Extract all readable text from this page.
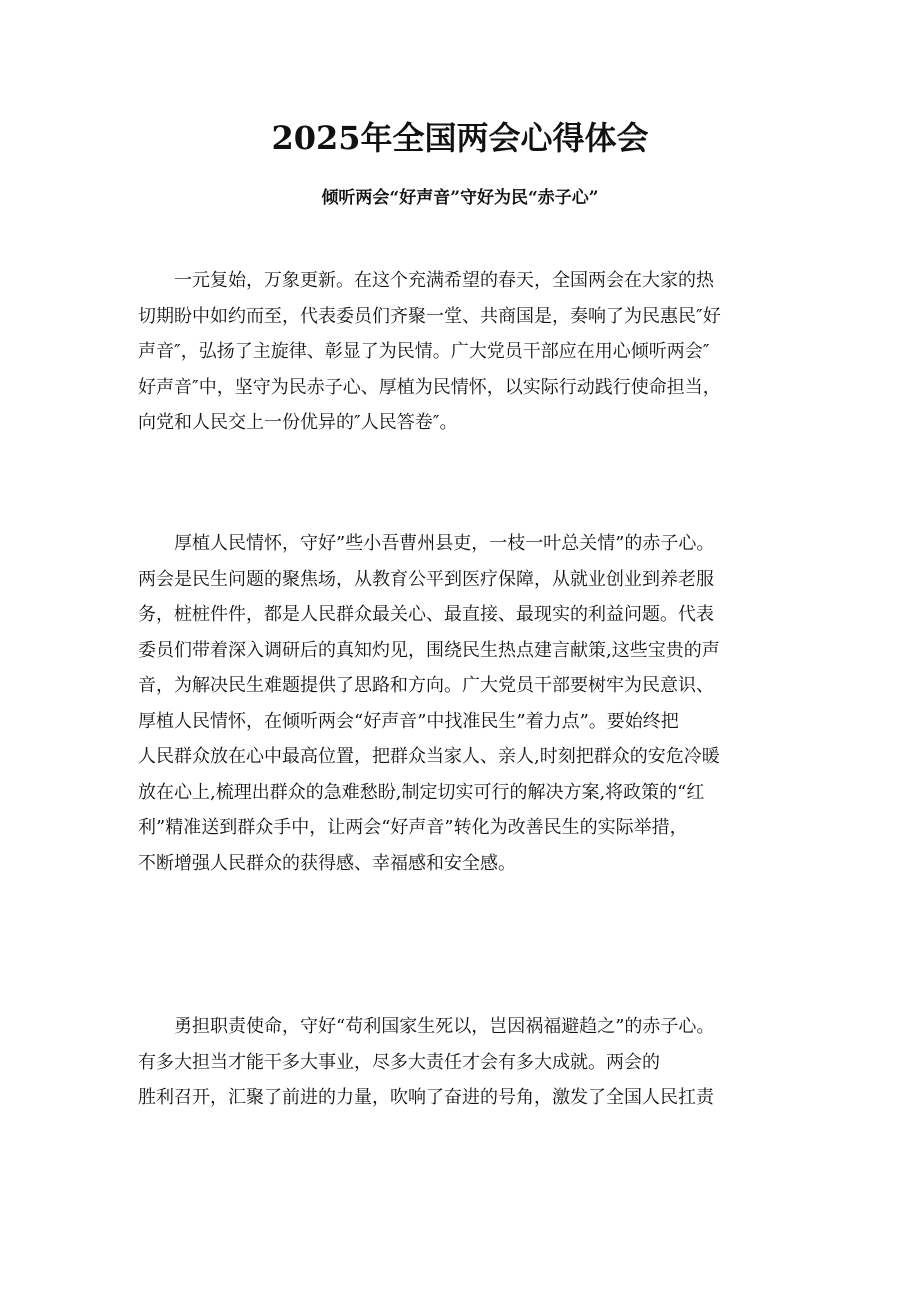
2025年全国两会心得体会
倾听两会“好声音”守好为民“赤子心”
一元复始，万象更新。在这个充满希望的春天，全国两会在大家的热
切期盼中如约而至，代表委员们齐聚一堂、共商国是，奏响了为民惠民″好
声音″，弘扬了主旋律、彰显了为民情。广大党员干部应在用心倾听两会″
好声音″中，坚守为民赤子心、厚植为民情怀，以实际行动践行使命担当，
向党和人民交上一份优异的″人民答卷″。
厚植人民情怀，守好”些小吾曹州县吏，一枝一叶总关情”的赤子心。
两会是民生问题的聚焦场，从教育公平到医疗保障，从就业创业到养老服
务，桩桩件件，都是人民群众最关心、最直接、最现实的利益问题。代表
委员们带着深入调研后的真知灼见，围绕民生热点建言献策,这些宝贵的声
音，为解决民生难题提供了思路和方向。广大党员干部要树牢为民意识、
厚植人民情怀，在倾听两会“好声音”中找准民生”着力点”。要始终把
人民群众放在心中最高位置，把群众当家人、亲人,时刻把群众的安危冷暖
放在心上,梳理出群众的急难愁盼,制定切实可行的解决方案,将政策的“红
利”精准送到群众手中，让两会“好声音”转化为改善民生的实际举措，
不断增强人民群众的获得感、幸福感和安全感。
勇担职责使命，守好“苟利国家生死以，岂因祸福避趋之”的赤子心。
有多大担当才能干多大事业，尽多大责任才会有多大成就。两会的
胜利召开，汇聚了前进的力量，吹响了奋进的号角，激发了全国人民扛责
